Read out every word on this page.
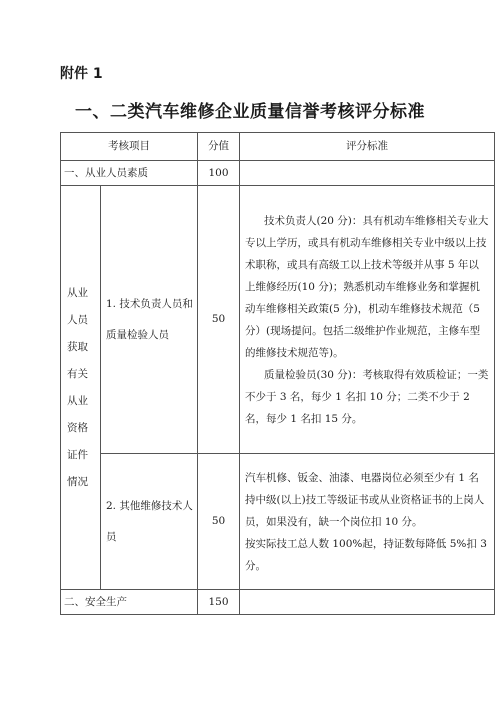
附件 1
一、二类汽车维修企业质量信誉考核评分标准
考核项目		分值	评分标准
一、从业人员素质		100	
从业人员获取有关从业资格证件情况	1. 技术负责人员和质量检验人员	50	技术负责人(20 分)：具有机动车维修相关专业大专以上学历，或具有机动车维修相关专业中级以上技术职称，或具有高级工以上技术等级并从事 5 年以上维修经历(10 分)；熟悉机动车维修业务和掌握机动车维修相关政策(5 分)，机动车维修技术规范（5 分）(现场提问。包括二级维护作业规范，主修车型的维修技术规范等)。

质量检验员(30 分)：考核取得有效质检证；一类不少于 3 名，每少 1 名扣 10 分；二类不少于 2 名，每少 1 名扣 15 分。

	2. 其他维修技术人员	50	汽车机修、钣金、油漆、电器岗位必须至少有 1 名持中级(以上)技工等级证书或从业资格证书的上岗人员，如果没有，缺一个岗位扣 10 分。

按实际技工总人数 100%起，持证数每降低 5%扣 3 分。

二、安全生产		150	
